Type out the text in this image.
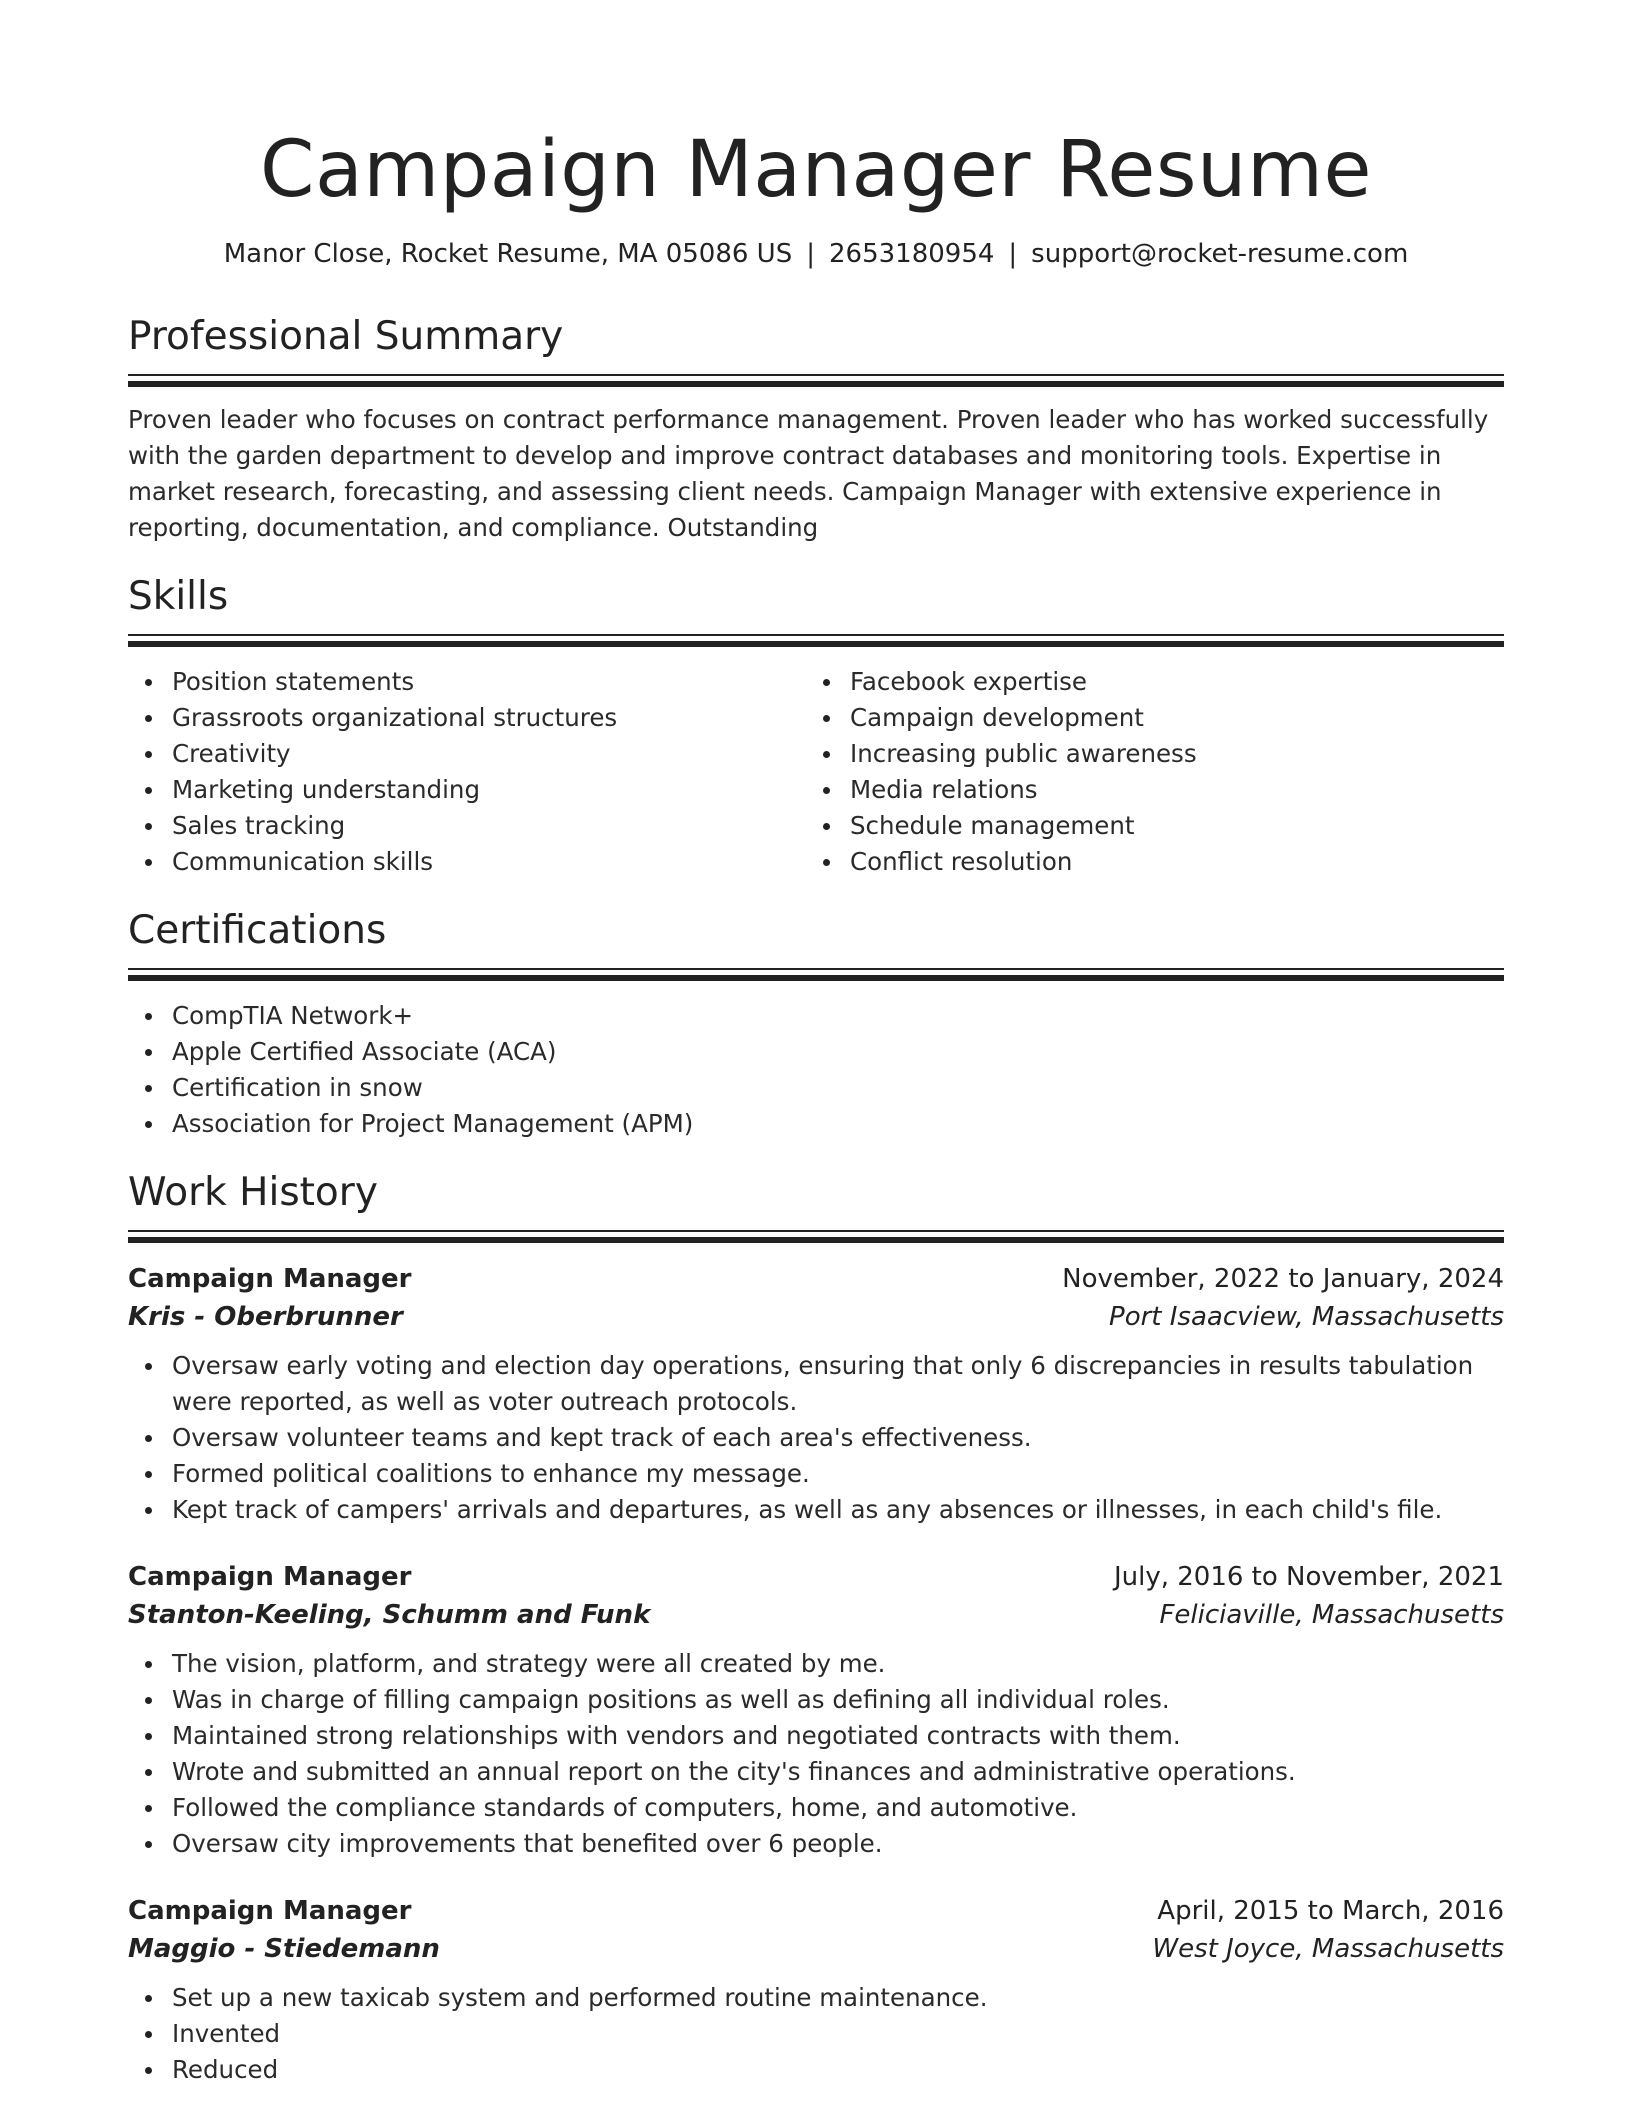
Campaign Manager Resume
Manor Close, Rocket Resume, MA 05086 US | 2653180954 | support@rocket-resume.com
Professional Summary
Proven leader who focuses on contract performance management. Proven leader who has worked successfully with the garden department to develop and improve contract databases and monitoring tools. Expertise in market research, forecasting, and assessing client needs. Campaign Manager with extensive experience in reporting, documentation, and compliance. Outstanding
Skills
Position statements
Grassroots organizational structures
Creativity
Marketing understanding
Sales tracking
Communication skills
Facebook expertise
Campaign development
Increasing public awareness
Media relations
Schedule management
Conflict resolution
Certifications
CompTIA Network+
Apple Certified Associate (ACA)
Certification in snow
Association for Project Management (APM)
Work History
Campaign Manager	November, 2022 to January, 2024
Kris - Oberbrunner	Port Isaacview, Massachusetts
Oversaw early voting and election day operations, ensuring that only 6 discrepancies in results tabulation were reported, as well as voter outreach protocols.
Oversaw volunteer teams and kept track of each area's effectiveness.
Formed political coalitions to enhance my message.
Kept track of campers' arrivals and departures, as well as any absences or illnesses, in each child's file.
Campaign Manager	July, 2016 to November, 2021
Stanton-Keeling, Schumm and Funk	Feliciaville, Massachusetts
The vision, platform, and strategy were all created by me.
Was in charge of filling campaign positions as well as defining all individual roles.
Maintained strong relationships with vendors and negotiated contracts with them.
Wrote and submitted an annual report on the city's finances and administrative operations.
Followed the compliance standards of computers, home, and automotive.
Oversaw city improvements that benefited over 6 people.
Campaign Manager	April, 2015 to March, 2016
Maggio - Stiedemann	West Joyce, Massachusetts
Set up a new taxicab system and performed routine maintenance.
Invented
Reduced
